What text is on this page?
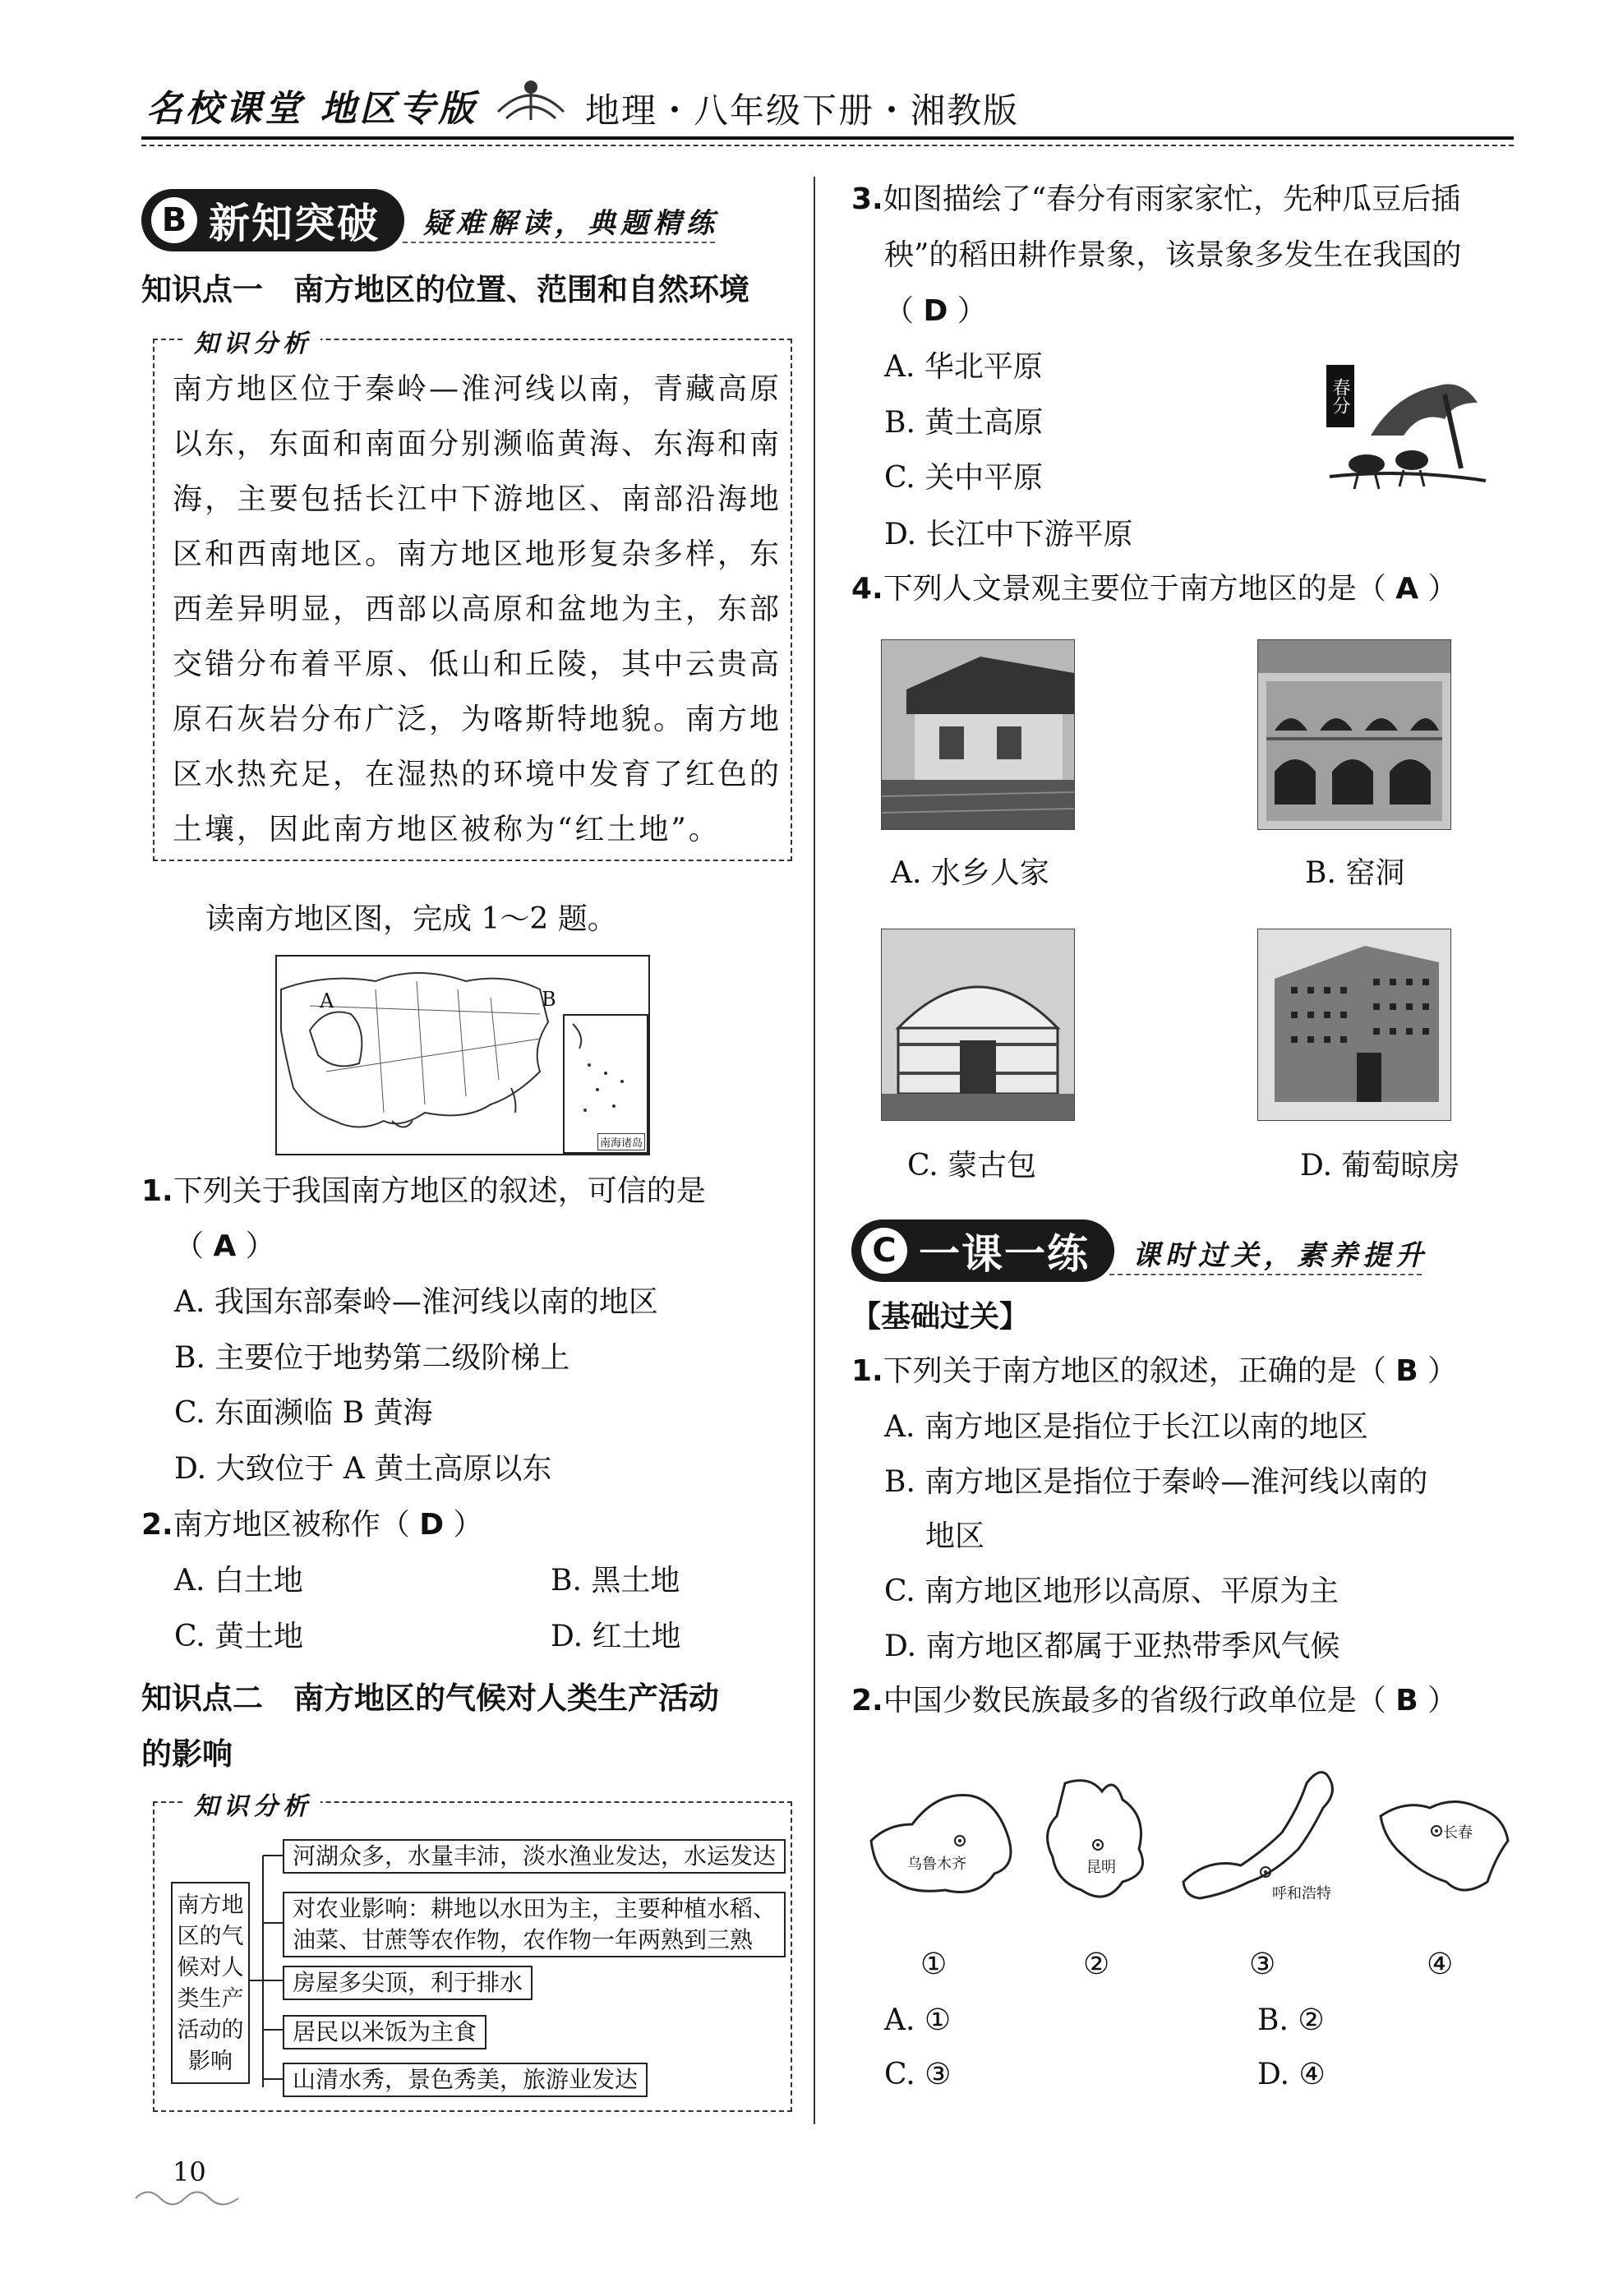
名校课堂 地区专版	地理・八年级下册・湘教版
B 新知突破 疑难解读，典题精练
知识点一　南方地区的位置、范围和自然环境
知识分析
南方地区位于秦岭—淮河线以南，青藏高原
以东，东面和南面分别濒临黄海、东海和南
海，主要包括长江中下游地区、南部沿海地
区和西南地区。南方地区地形复杂多样，东
西差异明显，西部以高原和盆地为主，东部
交错分布着平原、低山和丘陵，其中云贵高
原石灰岩分布广泛，为喀斯特地貌。南方地
区水热充足，在湿热的环境中发育了红色的
土壤，因此南方地区被称为“红土地”。
读南方地区图，完成 1～2 题。
A	B
南海诸岛
1.下列关于我国南方地区的叙述，可信的是
（ A ）
A. 我国东部秦岭—淮河线以南的地区
B. 主要位于地势第二级阶梯上
C. 东面濒临 B 黄海
D. 大致位于 A 黄土高原以东
2.南方地区被称作（ D ）
A. 白土地	B. 黑土地
C. 黄土地	D. 红土地
知识点二　南方地区的气候对人类生产活动
的影响
知识分析
南方地
区的气
候对人
类生产
活动的
影响
河湖众多，水量丰沛，淡水渔业发达，水运发达
对农业影响：耕地以水田为主，主要种植水稻、
油菜、甘蔗等农作物，农作物一年两熟到三熟
房屋多尖顶，利于排水
居民以米饭为主食
山清水秀，景色秀美，旅游业发达
10
3.如图描绘了“春分有雨家家忙，先种瓜豆后插
秧”的稻田耕作景象，该景象多发生在我国的
（ D ）
A. 华北平原
B. 黄土高原
C. 关中平原
D. 长江中下游平原
春分
4.下列人文景观主要位于南方地区的是（ A ）
A. 水乡人家	B. 窑洞
C. 蒙古包	D. 葡萄晾房
C 一课一练 课时过关，素养提升
【基础过关】
1.下列关于南方地区的叙述，正确的是（ B ）
A. 南方地区是指位于长江以南的地区
B. 南方地区是指位于秦岭—淮河线以南的
地区
C. 南方地区地形以高原、平原为主
D. 南方地区都属于亚热带季风气候
2.中国少数民族最多的省级行政单位是（ B ）
乌鲁木齐	昆明
呼和浩特
长春
①	②	③	④
A. ①	B. ②
C. ③	D. ④
